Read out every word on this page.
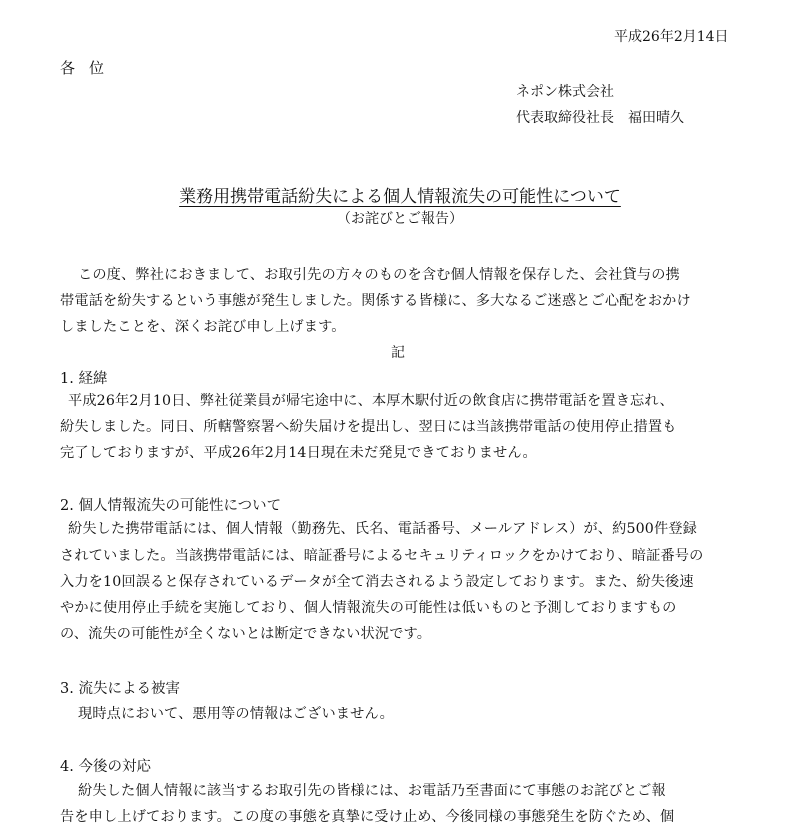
平成26年2月14日
各位
ネポン株式会社
代表取締役社長　福田晴久
業務用携帯電話紛失による個人情報流失の可能性について
（お詫びとご報告）
この度、弊社におきまして、お取引先の方々のものを含む個人情報を保存した、会社貸与の携
帯電話を紛失するという事態が発生しました。関係する皆様に、多大なるご迷惑とご心配をおかけ
しましたことを、深くお詫び申し上げます。
記
1. 経緯
平成26年2月10日、弊社従業員が帰宅途中に、本厚木駅付近の飲食店に携帯電話を置き忘れ、
紛失しました。同日、所轄警察署へ紛失届けを提出し、翌日には当該携帯電話の使用停止措置も
完了しておりますが、平成26年2月14日現在未だ発見できておりません。
2. 個人情報流失の可能性について
紛失した携帯電話には、個人情報（勤務先、氏名、電話番号、メールアドレス）が、約500件登録
されていました。当該携帯電話には、暗証番号によるセキュリティロックをかけており、暗証番号の
入力を10回誤ると保存されているデータが全て消去されるよう設定しております。また、紛失後速
やかに使用停止手続を実施しており、個人情報流失の可能性は低いものと予測しておりますもの
の、流失の可能性が全くないとは断定できない状況です。
3. 流失による被害
現時点において、悪用等の情報はございません。
4. 今後の対応
紛失した個人情報に該当するお取引先の皆様には、お電話乃至書面にて事態のお詫びとご報
告を申し上げております。この度の事態を真摯に受け止め、今後同様の事態発生を防ぐため、個
